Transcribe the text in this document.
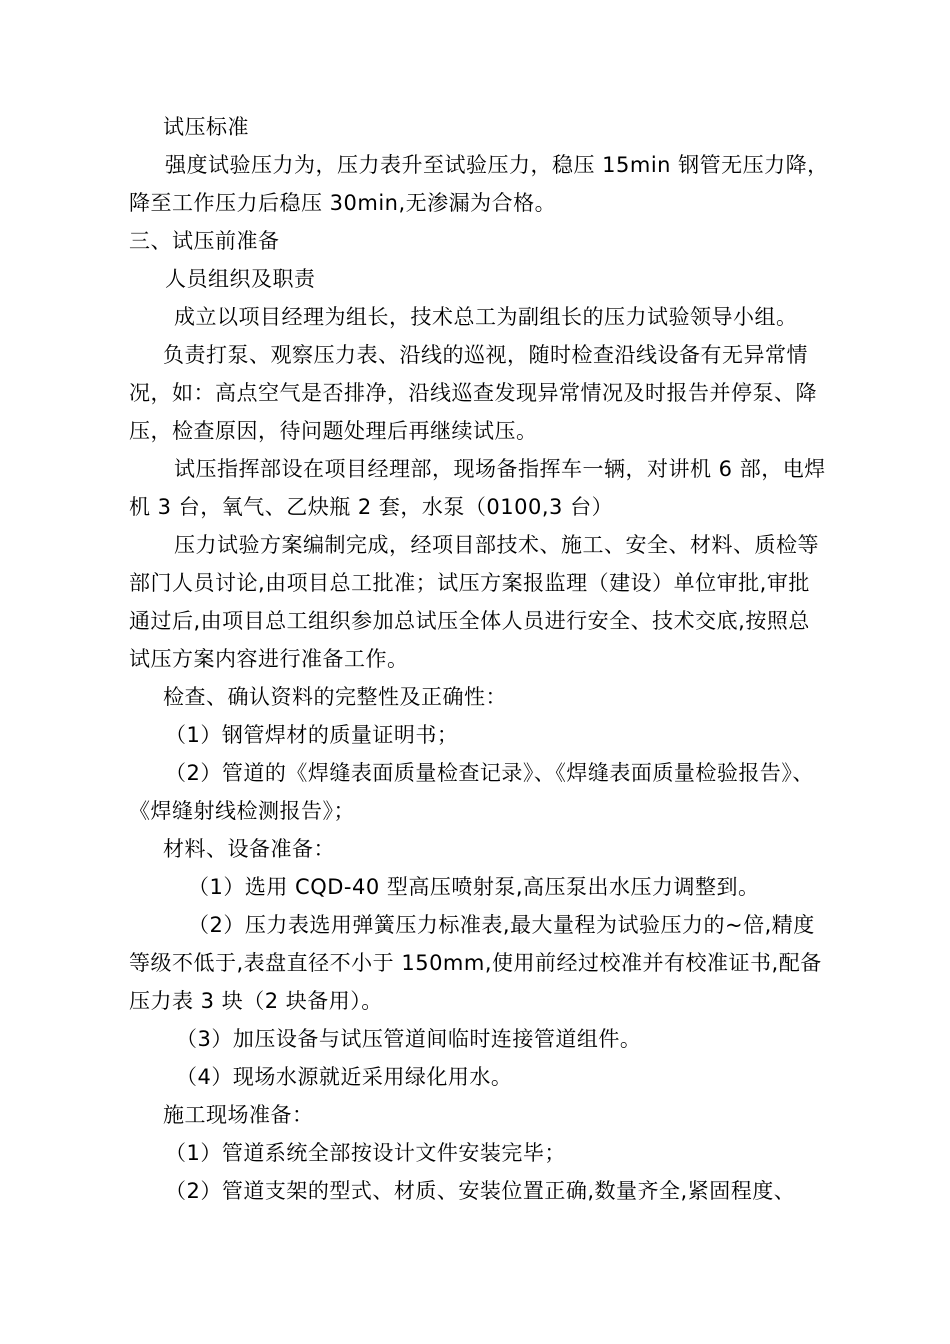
试压标准
强度试验压力为，压力表升至试验压力，稳压 15min 钢管无压力降，
降至工作压力后稳压 30min,无渗漏为合格。
三、试压前准备
人员组织及职责
成立以项目经理为组长，技术总工为副组长的压力试验领导小组。
负责打泵、观察压力表、沿线的巡视，随时检查沿线设备有无异常情
况，如：高点空气是否排净，沿线巡查发现异常情况及时报告并停泵、降
压，检查原因，待问题处理后再继续试压。
试压指挥部设在项目经理部，现场备指挥车一辆，对讲机 6 部，电焊
机 3 台，氧气、乙炔瓶 2 套，水泵（0100,3 台）
压力试验方案编制完成，经项目部技术、施工、安全、材料、质检等
部门人员讨论,由项目总工批准；试压方案报监理（建设）单位审批,审批
通过后,由项目总工组织参加总试压全体人员进行安全、技术交底,按照总
试压方案内容进行准备工作。
检查、确认资料的完整性及正确性：
（1）钢管焊材的质量证明书；
（2）管道的《焊缝表面质量检查记录》、《焊缝表面质量检验报告》、
《焊缝射线检测报告》；
材料、设备准备：
（1）选用 CQD-40 型高压喷射泵,高压泵出水压力调整到。
（2）压力表选用弹簧压力标准表,最大量程为试验压力的~倍,精度
等级不低于,表盘直径不小于 150mm,使用前经过校准并有校准证书,配备
压力表 3 块（2 块备用）。
（3）加压设备与试压管道间临时连接管道组件。
（4）现场水源就近采用绿化用水。
施工现场准备：
（1）管道系统全部按设计文件安装完毕；
（2）管道支架的型式、材质、安装位置正确,数量齐全,紧固程度、
